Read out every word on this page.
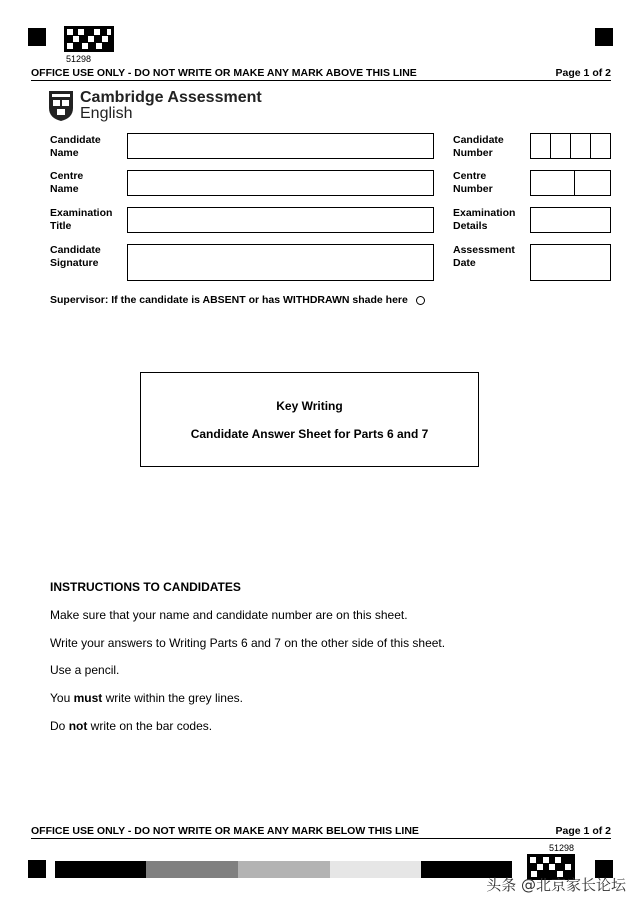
51298
OFFICE USE ONLY - DO NOT WRITE OR MAKE ANY MARK ABOVE THIS LINE	Page 1 of 2
Cambridge Assessment
English
Candidate
Name
Centre
Name
Examination
Title
Candidate
Signature
Candidate
Number
Centre
Number
Examination
Details
Assessment
Date
Supervisor: If the candidate is ABSENT or has WITHDRAWN shade here
Key Writing
Candidate Answer Sheet for Parts 6 and 7
INSTRUCTIONS TO CANDIDATES
Make sure that your name and candidate number are on this sheet.
Write your answers to Writing Parts 6 and 7 on the other side of this sheet.
Use a pencil.
You must write within the grey lines.
Do not write on the bar codes.
OFFICE USE ONLY - DO NOT WRITE OR MAKE ANY MARK BELOW THIS LINE	Page 1 of 2
51298
头条 @北京家长论坛
